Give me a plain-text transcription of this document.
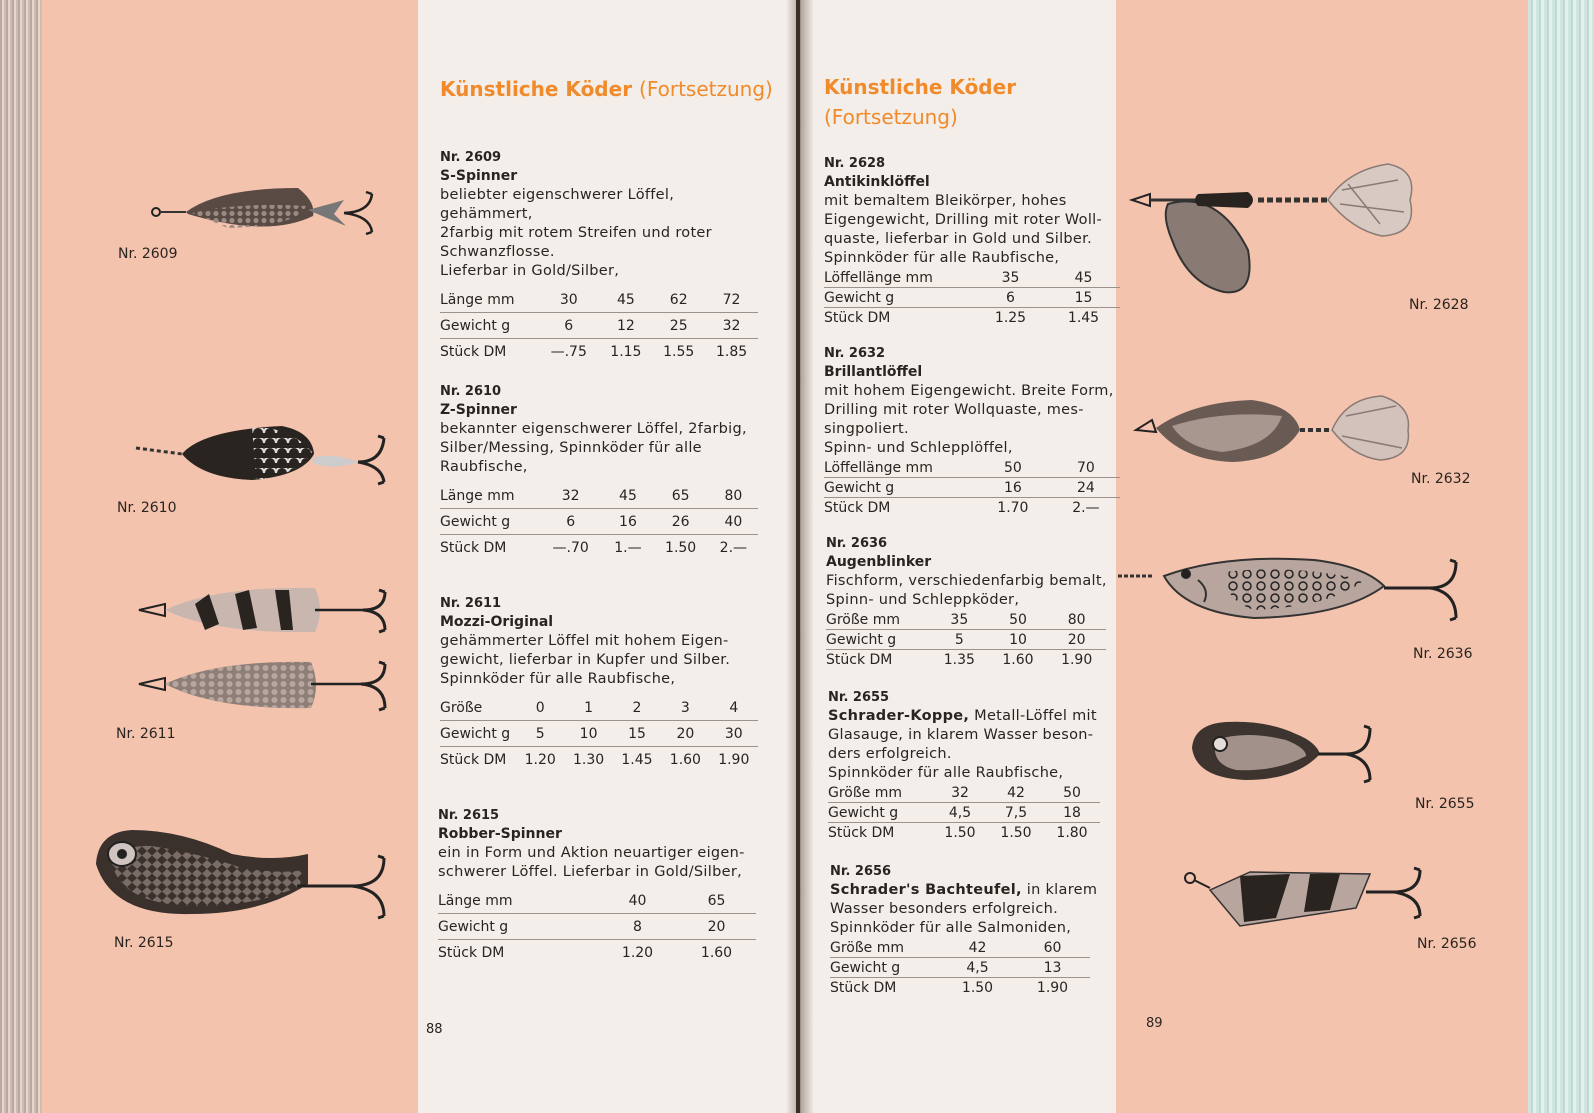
Nr. 2609
Nr. 2610
Nr. 2611
Nr. 2615
Nr. 2628
Nr. 2632
Nr. 2636
Nr. 2655
Nr. 2656
Künstliche Köder (Fortsetzung)	Künstliche Köder
(Fortsetzung)
Nr. 2609
S-Spinner
beliebter eigenschwerer Löffel, gehämmert,
2farbig mit rotem Streifen und roter
Schwanzflosse.
Lieferbar in Gold/Silber,
Länge mm	30	45	62	72
Gewicht g	6	12	25	32
Stück DM	—.75	1.15	1.55	1.85
Nr. 2610
Z-Spinner
bekannter eigenschwerer Löffel, 2farbig,
Silber/Messing, Spinnköder für alle
Raubfische,
Länge mm	32	45	65	80
Gewicht g	6	16	26	40
Stück DM	—.70	1.—	1.50	2.—
Nr. 2611
Mozzi-Original
gehämmerter Löffel mit hohem Eigen-
gewicht, lieferbar in Kupfer und Silber.
Spinnköder für alle Raubfische,
Größe	0	1	2	3	4
Gewicht g	5	10	15	20	30
Stück DM	1.20	1.30	1.45	1.60	1.90
Nr. 2615
Robber-Spinner
ein in Form und Aktion neuartiger eigen-
schwerer Löffel. Lieferbar in Gold/Silber,
Länge mm	40	65
Gewicht g	8	20
Stück DM	1.20	1.60
Nr. 2628
Antikinklöffel
mit bemaltem Bleikörper, hohes
Eigengewicht, Drilling mit roter Woll-
quaste, lieferbar in Gold und Silber.
Spinnköder für alle Raubfische,
Löffellänge mm	35	45
Gewicht g	6	15
Stück DM	1.25	1.45
Nr. 2632
Brillantlöffel
mit hohem Eigengewicht. Breite Form,
Drilling mit roter Wollquaste, mes-
singpoliert.
Spinn- und Schlepplöffel,
Löffellänge mm	50	70
Gewicht g	16	24
Stück DM	1.70	2.—
Nr. 2636
Augenblinker
Fischform, verschiedenfarbig bemalt,
Spinn- und Schleppköder,
Größe mm	35	50	80
Gewicht g	5	10	20
Stück DM	1.35	1.60	1.90
Nr. 2655
Schrader-Koppe, Metall-Löffel mit
Glasauge, in klarem Wasser beson-
ders erfolgreich.
Spinnköder für alle Raubfische,
Größe mm	32	42	50
Gewicht g	4,5	7,5	18
Stück DM	1.50	1.50	1.80
Nr. 2656
Schrader's Bachteufel, in klarem
Wasser besonders erfolgreich.
Spinnköder für alle Salmoniden,
Größe mm	42	60
Gewicht g	4,5	13
Stück DM	1.50	1.90
88	89
